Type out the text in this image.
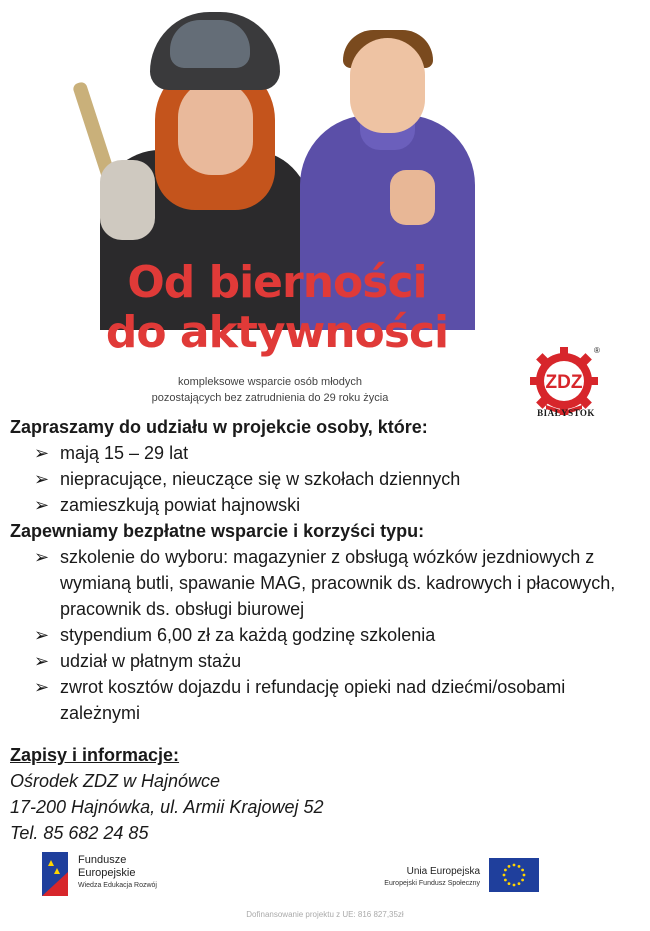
Od bierności
do aktywności
kompleksowe wsparcie osób młodych
pozostających bez zatrudnienia do 29 roku życia
ZDZ
®
BIAŁYSTOK

Zapraszamy do udziału w projekcie osoby, które:

➢ mają 15 – 29 lat
➢ niepracujące, nieuczące się w szkołach dziennych
➢ zamieszkują powiat hajnowski

Zapewniamy bezpłatne wsparcie i korzyści typu:

➢ szkolenie do wyboru: magazynier z obsługą wózków jezdniowych z wymianą butli, spawanie MAG, pracownik ds. kadrowych i płacowych, pracownik ds. obsługi biurowej
➢ stypendium 6,00 zł za każdą godzinę szkolenia
➢ udział w płatnym stażu
➢ zwrot kosztów dojazdu i refundację opieki nad dziećmi/osobami zależnymi
Zapisy i informacje:
Ośrodek ZDZ w Hajnówce
17-200 Hajnówka, ul. Armii Krajowej 52
Tel. 85 682 24 85
Fundusze
Europejskie
Wiedza Edukacja Rozwój
Unia Europejska
Europejski Fundusz Społeczny
Dofinansowanie projektu z UE: 816 827,35zł
